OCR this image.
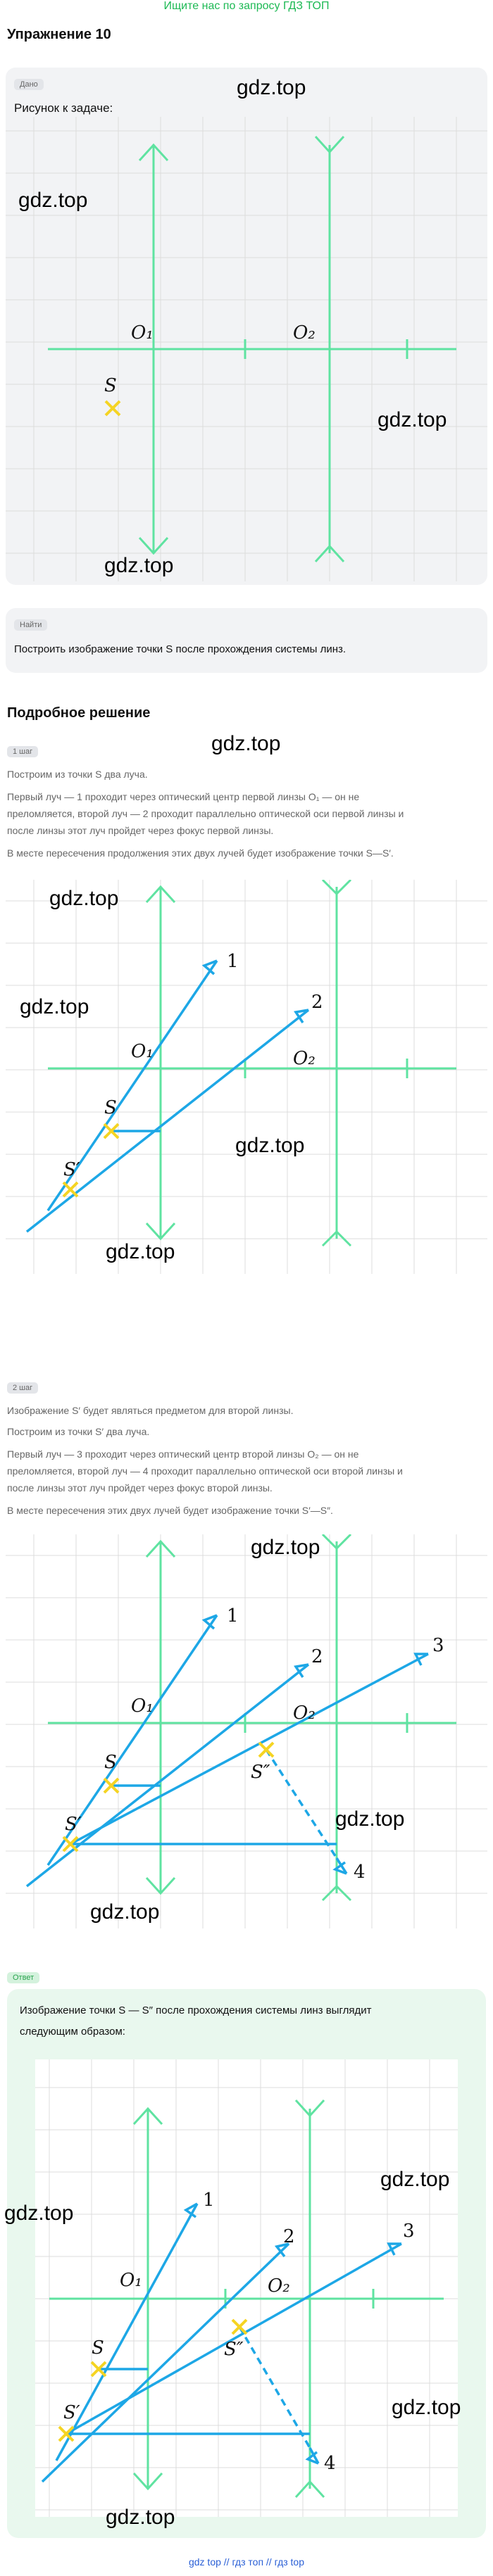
Ищите нас по запросу ГДЗ ТОП
Упражнение 10
Дано
Рисунок к задаче:
O₁	O₂
S
gdz.top
gdz.top
gdz.top
gdz.top
Найти
Построить изображение точки S после прохождения системы линз.
Подробное решение
gdz.top
1 шаг
Построим из точки S два луча.
Первый луч — 1 проходит через оптический центр первой линзы O₁ — он не
преломляется, второй луч — 2 проходит параллельно оптической оси первой линзы и
после линзы этот луч пройдет через фокус первой линзы.
В месте пересечения продолжения этих двух лучей будет изображение точки S—S′.
O₁	O₂
S
S′
1
2
gdz.top
gdz.top
gdz.top
gdz.top
2 шаг
Изображение S′ будет являться предметом для второй линзы.
Построим из точки S′ два луча.
Первый луч — 3 проходит через оптический центр второй линзы O₂ — он не
преломляется, второй луч — 4 проходит параллельно оптической оси второй линзы и
после линзы этот луч пройдет через фокус второй линзы.
В месте пересечения этих двух лучей будет изображение точки S′—S″.
O₁	O₂
S
S′
S″
1
2
3
4
gdz.top
gdz.top
gdz.top
Ответ
Изображение точки S — S″ после прохождения системы линз выглядит
следующим образом:
O₁	O₂
S
S′
S″
1
2	3
4
gdz.top
gdz.top
gdz.top
gdz.top
gdz top // гдз топ // гдз top
